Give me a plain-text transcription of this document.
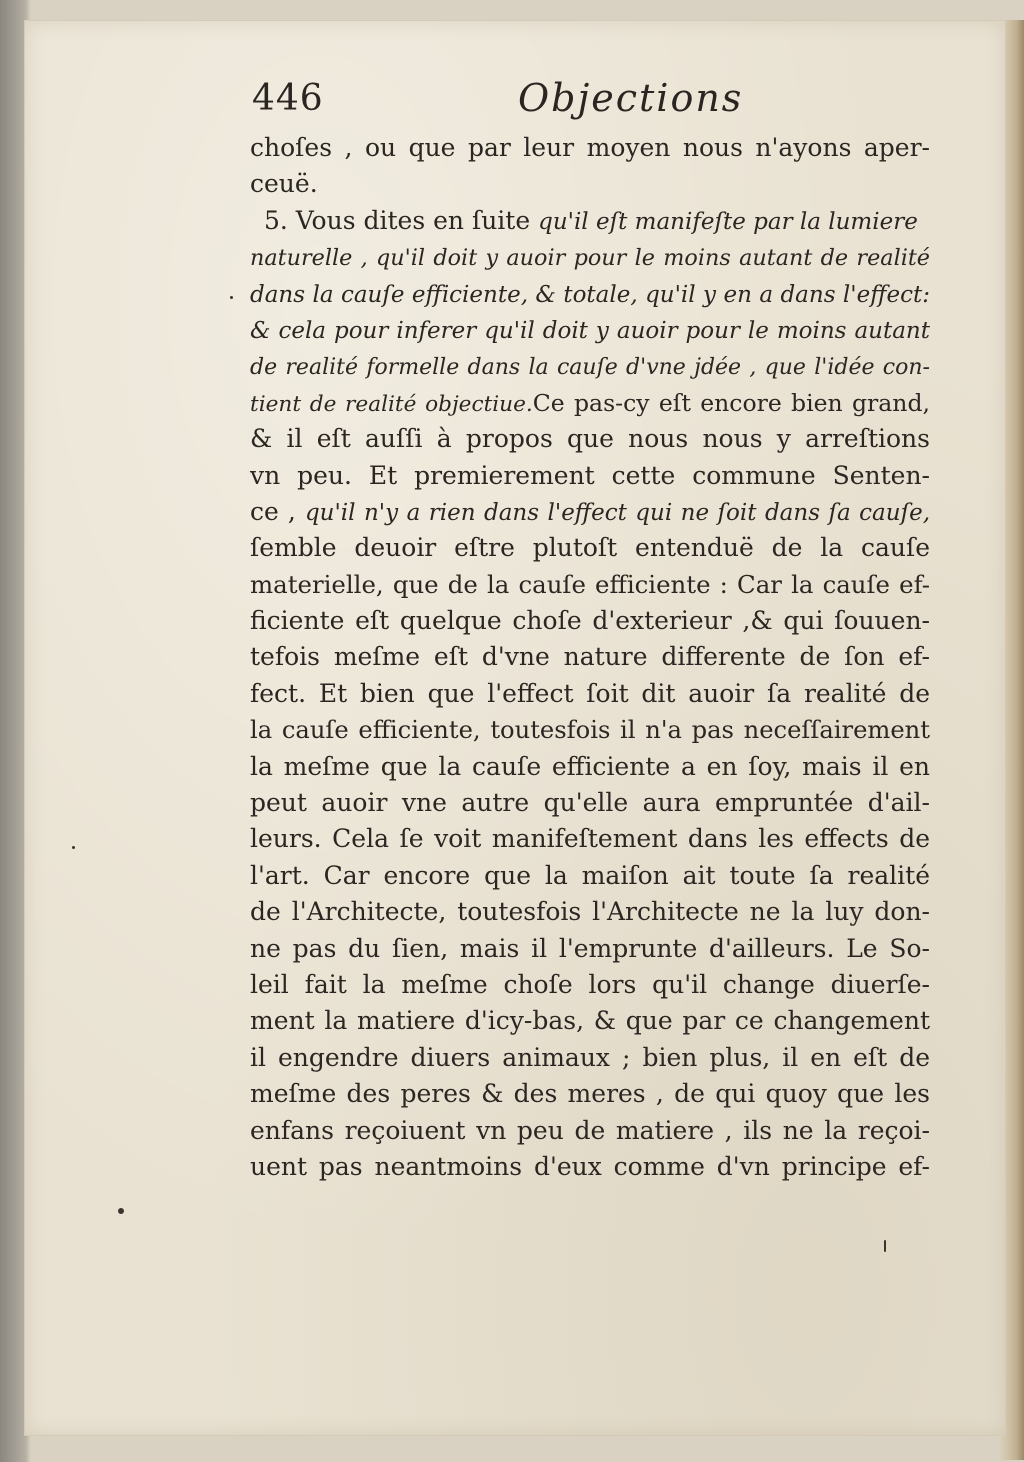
446	Objections
choſes , ou que par leur moyen nous n'ayons aper-
ceuë.
5. Vous dites en ſuite qu'il eſt manifeſte par la lumiere
naturelle , qu'il doit y auoir pour le moins autant de realité
dans la cauſe efficiente, & totale, qu'il y en a dans l'effect:
& cela pour inferer qu'il doit y auoir pour le moins autant
de realité formelle dans la cauſe d'vne jdée , que l'idée con-
tient de realité objectiue.Ce pas-cy eſt encore bien grand,
& il eſt auſſi à propos que nous nous y arreſtions
vn peu. Et premierement cette commune Senten-
ce , qu'il n'y a rien dans l'effect qui ne ſoit dans ſa cauſe,
ſemble deuoir eſtre plutoſt entenduë de la cauſe
materielle, que de la cauſe efficiente : Car la cauſe ef-
ficiente eſt quelque choſe d'exterieur ,& qui ſouuen-
tefois meſme eſt d'vne nature differente de ſon ef-
fect. Et bien que l'effect ſoit dit auoir ſa realité de
la cauſe efficiente, toutesfois il n'a pas neceſſairement
la meſme que la cauſe efficiente a en ſoy, mais il en
peut auoir vne autre qu'elle aura empruntée d'ail-
leurs. Cela ſe voit manifeſtement dans les effects de
l'art. Car encore que la maiſon ait toute ſa realité
de l'Architecte, toutesfois l'Architecte ne la luy don-
ne pas du ſien, mais il l'emprunte d'ailleurs. Le So-
leil fait la meſme choſe lors qu'il change diuerſe-
ment la matiere d'icy-bas, & que par ce changement
il engendre diuers animaux ; bien plus, il en eſt de
meſme des peres & des meres , de qui quoy que les
enfans reçoiuent vn peu de matiere , ils ne la reçoi-
uent pas neantmoins d'eux comme d'vn principe ef-
